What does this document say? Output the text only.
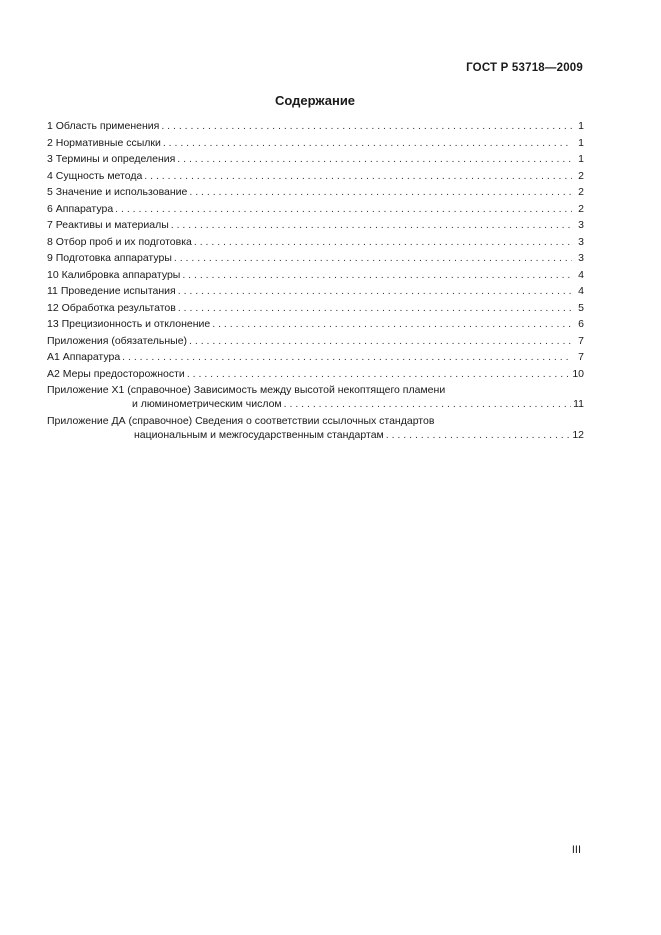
ГОСТ Р 53718—2009
Содержание
1 Область применения . . .	1
2 Нормативные ссылки . . .	1
3 Термины и определения . . .	1
4 Сущность метода . . .	2
5 Значение и использование . . .	2
6 Аппаратура . . .	2
7 Реактивы и материалы . . .	3
8 Отбор проб и их подготовка . . .	3
9 Подготовка аппаратуры . . .	3
10 Калибровка аппаратуры . . .	4
11 Проведение испытания . . .	4
12 Обработка результатов . . .	5
13 Прецизионность и отклонение . . .	6
Приложения (обязательные) . . .	7
А1 Аппаратура . . .	7
А2 Меры предосторожности . . .	10
Приложение Х1 (справочное) Зависимость между высотой некоптящего пламени
и люминометрическим числом . . .	11
Приложение ДА (справочное) Сведения о соответствии ссылочных стандартов
национальным и межгосударственным стандартам . . .	12
III
